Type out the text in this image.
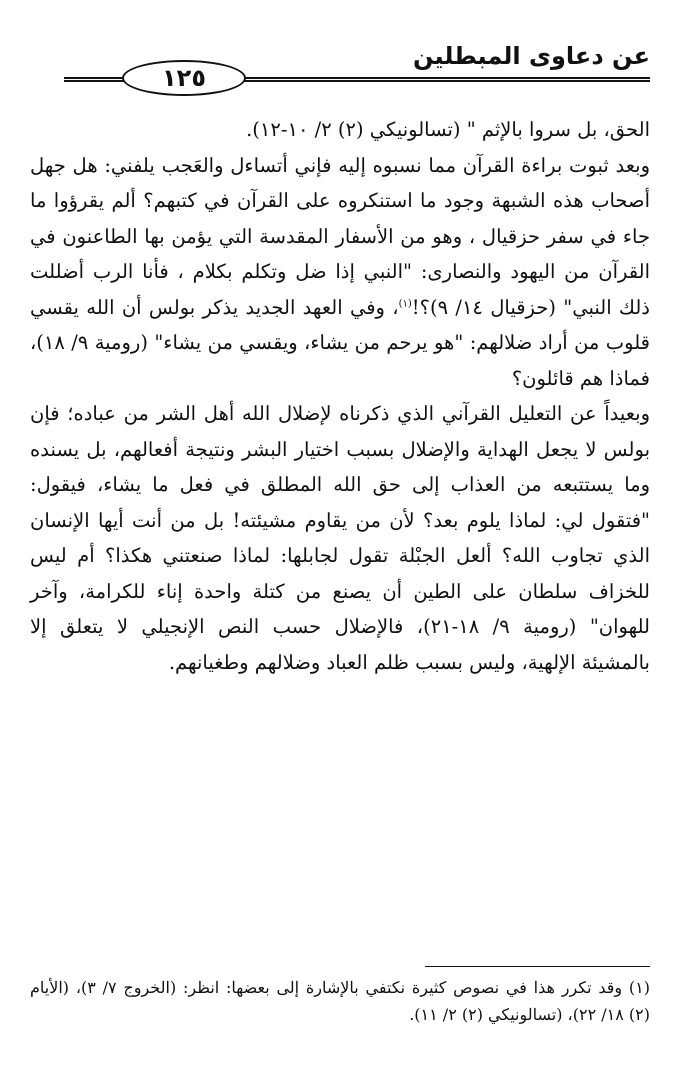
عن دعاوى المبطلين
١٢٥

الحق، بل سروا بالإثم " (تسالونيكي (٢) ٢/ ١٠-١٢).

وبعد ثبوت براءة القرآن مما نسبوه إليه فإني أتساءل والعَجب يلفني: هل جهل أصحاب هذه الشبهة وجود ما استنكروه على القرآن في كتبهم؟ ألم يقرؤوا ما جاء في سفر حزقيال ، وهو من الأسفار المقدسة التي يؤمن بها الطاعنون في القرآن من اليهود والنصارى: "النبي إذا ضل وتكلم بكلام ، فأنا الرب أضللت ذلك النبي" (حزقيال ١٤/ ٩)؟!$^{(١)}$، وفي العهد الجديد يذكر بولس أن الله يقسي قلوب من أراد ضلالهم: "هو يرحم من يشاء، ويقسي من يشاء" (رومية ٩/ ١٨)، فماذا هم قائلون؟

وبعيداً عن التعليل القرآني الذي ذكرناه لإضلال الله أهل الشر من عباده؛ فإن بولس لا يجعل الهداية والإضلال بسبب اختيار البشر ونتيجة أفعالهم، بل يسنده وما يستتبعه من العذاب إلى حق الله المطلق في فعل ما يشاء، فيقول: "فتقول لي: لماذا يلوم بعد؟ لأن من يقاوم مشيئته! بل من أنت أيها الإنسان الذي تجاوب الله؟ ألعل الجبْلة تقول لجابلها: لماذا صنعتني هكذا؟ أم ليس للخزاف سلطان على الطين أن يصنع من كتلة واحدة إناء للكرامة، وآخر للهوان" (رومية ٩/ ١٨-٢١)، فالإضلال حسب النص الإنجيلي لا يتعلق إلا بالمشيئة الإلهية، وليس بسبب ظلم العباد وضلالهم وطغيانهم.

(١) وقد تكرر هذا في نصوص كثيرة نكتفي بالإشارة إلى بعضها: انظر: (الخروج ٧/ ٣)، (الأيام (٢) ١٨/ ٢٢)، (تسالونيكي (٢) ٢/ ١١).
